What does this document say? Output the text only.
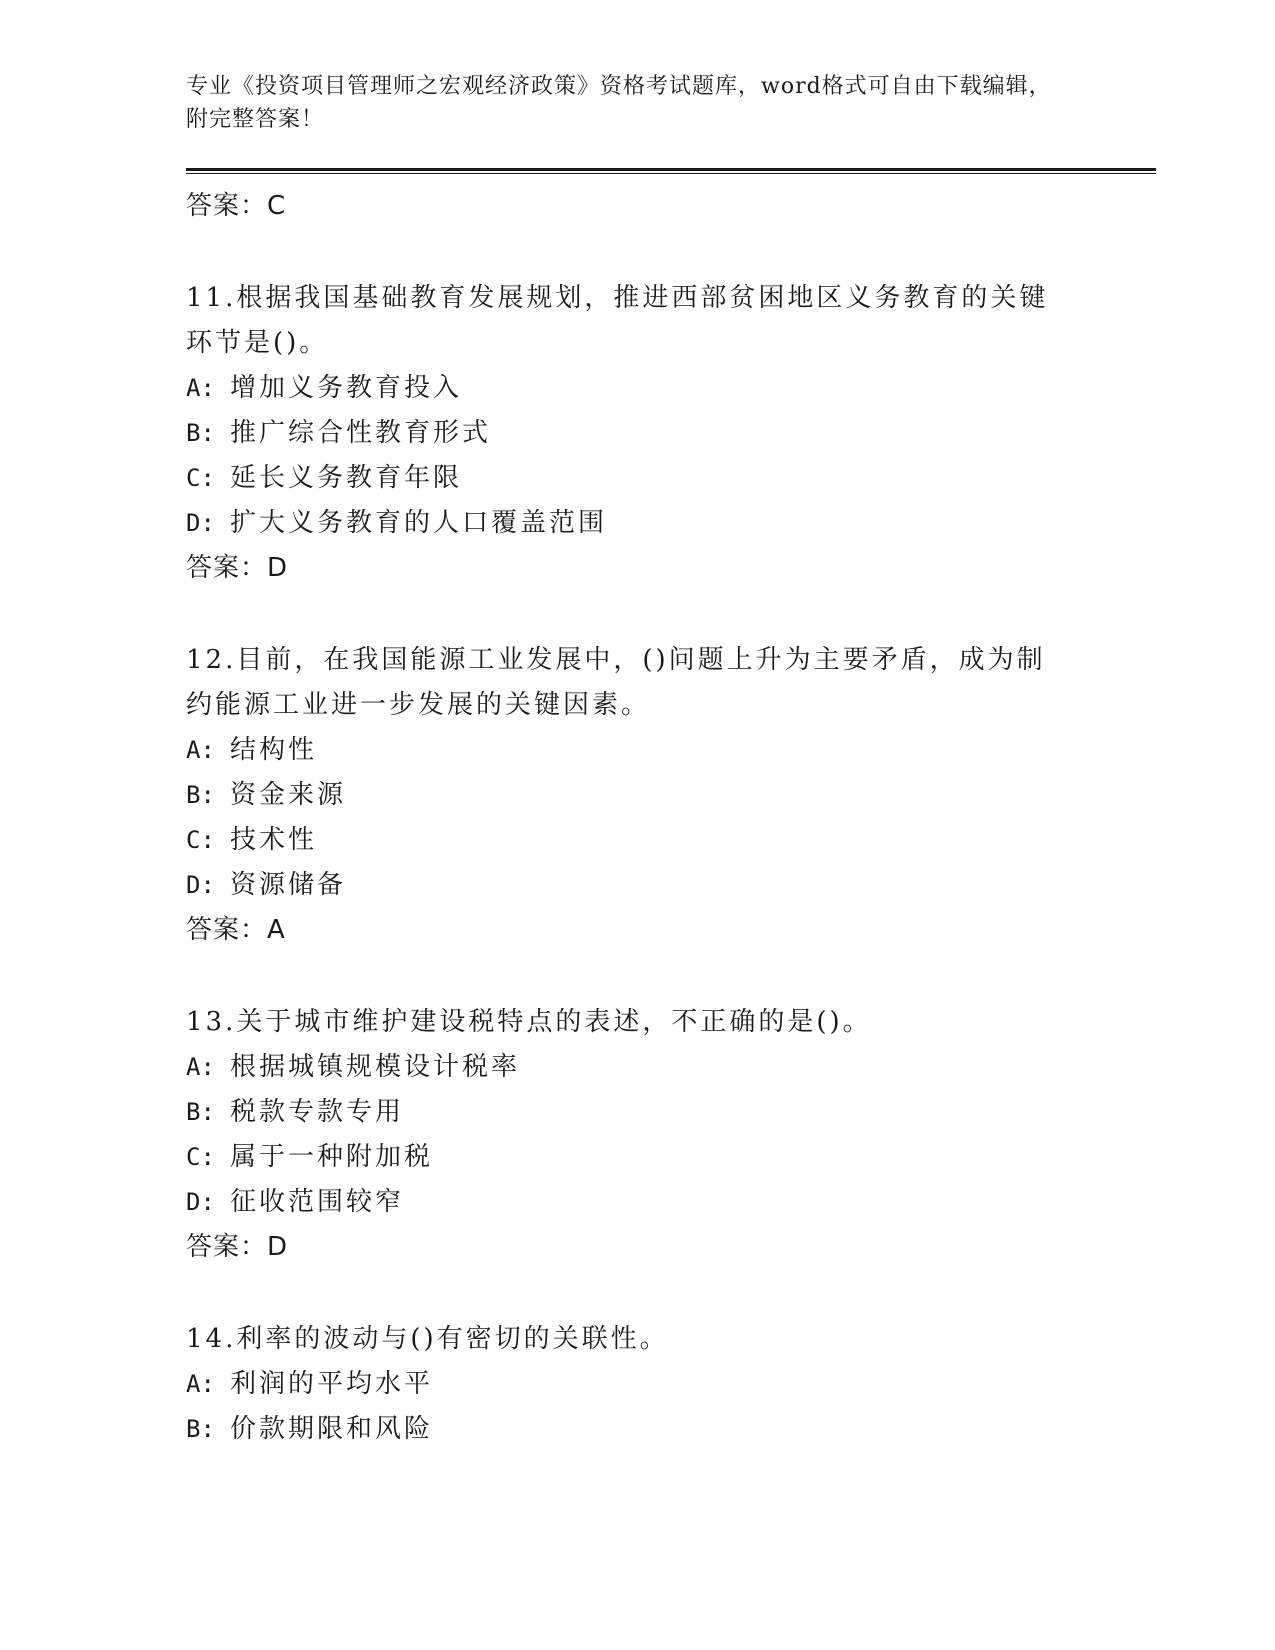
专业《投资项目管理师之宏观经济政策》资格考试题库，word格式可自由下载编辑，附完整答案！

答案：C

11.根据我国基础教育发展规划，推进西部贫困地区义务教育的关键环节是()。

A: 增加义务教育投入
B: 推广综合性教育形式
C: 延长义务教育年限
D: 扩大义务教育的人口覆盖范围
答案：D

12.目前，在我国能源工业发展中，()问题上升为主要矛盾，成为制约能源工业进一步发展的关键因素。

A: 结构性
B: 资金来源
C: 技术性
D: 资源储备
答案：A

13.关于城市维护建设税特点的表述，不正确的是()。

A: 根据城镇规模设计税率
B: 税款专款专用
C: 属于一种附加税
D: 征收范围较窄
答案：D

14.利率的波动与()有密切的关联性。

A: 利润的平均水平
B: 价款期限和风险
